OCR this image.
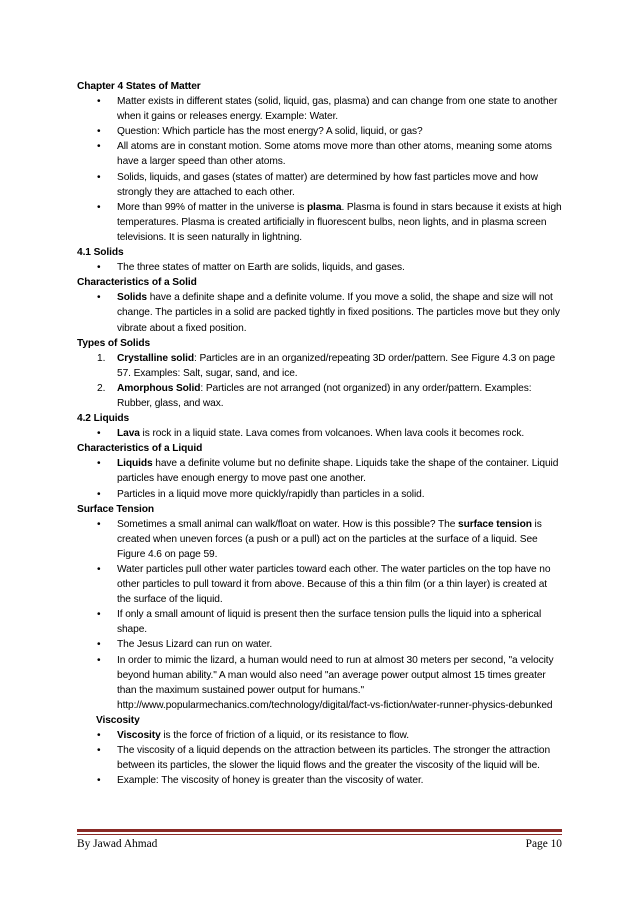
Chapter 4 States of Matter

• Matter exists in different states (solid, liquid, gas, plasma) and can change from one state to another when it gains or releases energy. Example: Water.
• Question: Which particle has the most energy? A solid, liquid, or gas?
• All atoms are in constant motion. Some atoms move more than other atoms, meaning some atoms have a larger speed than other atoms.
• Solids, liquids, and gases (states of matter) are determined by how fast particles move and how strongly they are attached to each other.
• More than 99% of matter in the universe is plasma. Plasma is found in stars because it exists at high temperatures. Plasma is created artificially in fluorescent bulbs, neon lights, and in plasma screen televisions. It is seen naturally in lightning.

4.1 Solids

• The three states of matter on Earth are solids, liquids, and gases.

Characteristics of a Solid

• Solids have a definite shape and a definite volume. If you move a solid, the shape and size will not change. The particles in a solid are packed tightly in fixed positions. The particles move but they only vibrate about a fixed position.

Types of Solids

1. Crystalline solid: Particles are in an organized/repeating 3D order/pattern. See Figure 4.3 on page 57. Examples: Salt, sugar, sand, and ice.
2. Amorphous Solid: Particles are not arranged (not organized) in any order/pattern. Examples: Rubber, glass, and wax.

4.2 Liquids

• Lava is rock in a liquid state. Lava comes from volcanoes. When lava cools it becomes rock.

Characteristics of a Liquid

• Liquids have a definite volume but no definite shape. Liquids take the shape of the container. Liquid particles have enough energy to move past one another.
• Particles in a liquid move more quickly/rapidly than particles in a solid.

Surface Tension

• Sometimes a small animal can walk/float on water. How is this possible? The surface tension is created when uneven forces (a push or a pull) act on the particles at the surface of a liquid. See Figure 4.6 on page 59.
• Water particles pull other water particles toward each other. The water particles on the top have no other particles to pull toward it from above. Because of this a thin film (or a thin layer) is created at the surface of the liquid.
• If only a small amount of liquid is present then the surface tension pulls the liquid into a spherical shape.
• The Jesus Lizard can run on water.
• In order to mimic the lizard, a human would need to run at almost 30 meters per second, "a velocity beyond human ability." A man would also need "an average power output almost 15 times greater than the maximum sustained power output for humans." http://www.popularmechanics.com/technology/digital/fact-vs-fiction/water-runner-physics-debunked

Viscosity

• Viscosity is the force of friction of a liquid, or its resistance to flow.
• The viscosity of a liquid depends on the attraction between its particles. The stronger the attraction between its particles, the slower the liquid flows and the greater the viscosity of the liquid will be.
• Example: The viscosity of honey is greater than the viscosity of water.
By Jawad Ahmad	Page 10
